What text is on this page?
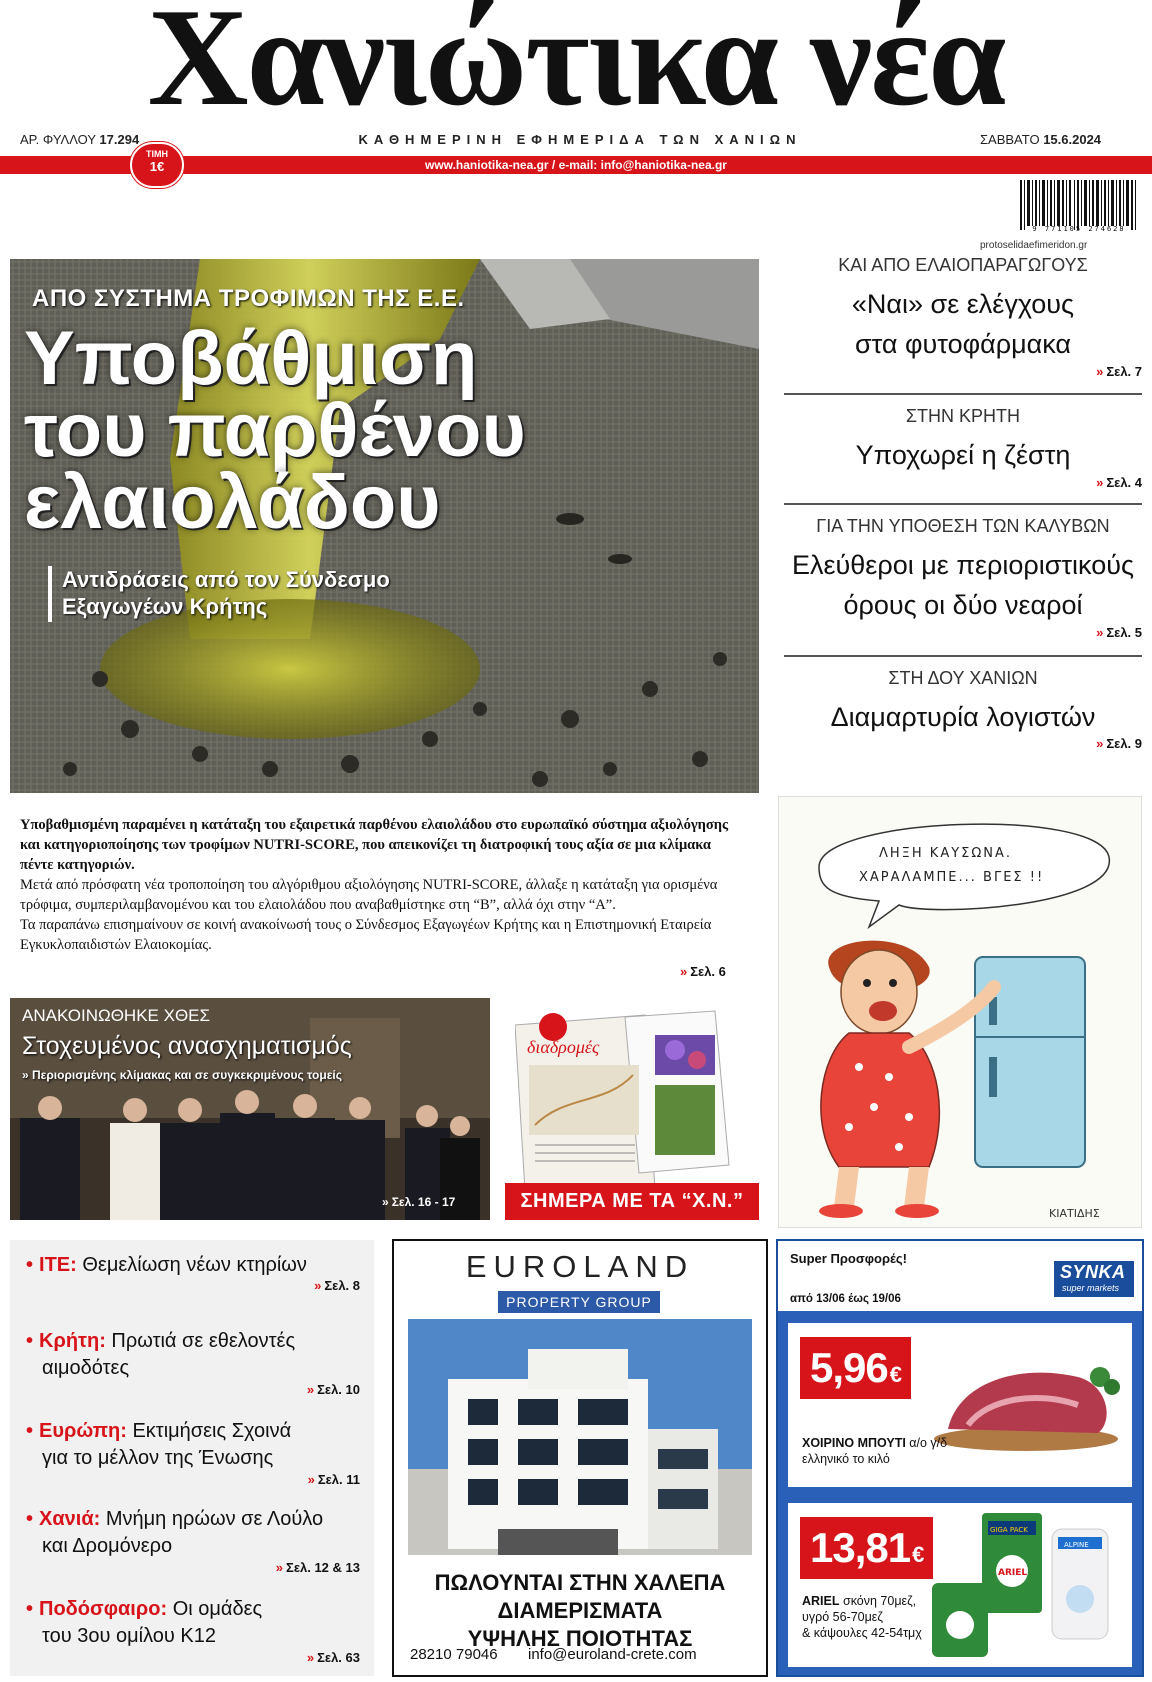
Χανιώτικα νέα
ΑΡ. ΦΥΛΛΟΥ 17.294	ΚΑΘΗΜΕΡΙΝΗ ΕΦΗΜΕΡΙΔΑ ΤΩΝ ΧΑΝΙΩΝ	ΣΑΒΒΑΤΟ 15.6.2024
www.haniotika-nea.gr / e-mail: info@haniotika-nea.gr
ΤΙΜΗ
1€
9 771105 274628
protoselidaefimeridon.gr
ΑΠΟ ΣΥΣΤΗΜΑ ΤΡΟΦΙΜΩΝ ΤΗΣ Ε.Ε.
Υποβάθμιση
του παρθένου
ελαιολάδου
Αντιδράσεις από τον Σύνδεσμο
Εξαγωγέων Κρήτης

Υποβαθμισμένη παραμένει η κατάταξη του εξαιρετικά παρθένου ελαιολάδου στο ευρωπαϊκό σύστημα αξιολόγησης και κατηγοριοποίησης των τροφίμων NUTRI-SCORE, που απεικονίζει τη διατροφική τους αξία σε μια κλίμακα πέντε κατηγοριών.

Μετά από πρόσφατη νέα τροποποίηση του αλγόριθμου αξιολόγησης NUTRI-SCORE, άλλαξε η κατάταξη για ορισμένα τρόφιμα, συμπεριλαμβανομένου και του ελαιολάδου που αναβαθμίστηκε στη “Β”, αλλά όχι στην “Α”.

Τα παραπάνω επισημαίνουν σε κοινή ανακοίνωσή τους ο Σύνδεσμος Εξαγωγέων Κρήτης και η Επιστημονική Εταιρεία Εγκυκλοπαιδιστών Ελαιοκομίας.

» Σελ. 6
ΚΑΙ ΑΠΟ ΕΛΑΙΟΠΑΡΑΓΩΓΟΥΣ
«Ναι» σε ελέγχους
στα φυτοφάρμακα
» Σελ. 7
ΣΤΗΝ ΚΡΗΤΗ
Υποχωρεί η ζέστη
» Σελ. 4
ΓΙΑ ΤΗΝ ΥΠΟΘΕΣΗ ΤΩΝ ΚΑΛΥΒΩΝ
Ελεύθεροι με περιοριστικούς
όρους οι δύο νεαροί
» Σελ. 5
ΣΤΗ ΔΟΥ ΧΑΝΙΩΝ
Διαμαρτυρία λογιστών
» Σελ. 9
ΛΗΞΗ ΚΑΥΣΩΝΑ.
ΧΑΡΑΛΑΜΠΕ... ΒΓΕΣ !!
ΚΙΑΤΙΔΗΣ
ΑΝΑΚΟΙΝΩΘΗΚΕ ΧΘΕΣ
Στοχευμένος ανασχηματισμός
» Περιορισμένης κλίμακας και σε συγκεκριμένους τομείς
» Σελ. 16 - 17
διαδρομές
ΣΗΜΕΡΑ ΜΕ ΤΑ “Χ.Ν.”
• ΙΤΕ: Θεμελίωση νέων κτηρίων
» Σελ. 8
• Κρήτη: Πρωτιά σε εθελοντές
αιμοδότες
» Σελ. 10
• Ευρώπη: Εκτιμήσεις Σχοινά
για το μέλλον της Ένωσης
» Σελ. 11
• Χανιά: Μνήμη ηρώων σε Λούλο
και Δρομόνερο
» Σελ. 12 & 13
• Ποδόσφαιρο: Οι ομάδες
του 3ου ομίλου Κ12
» Σελ. 63
EUROLAND
PROPERTY GROUP
ΠΩΛΟΥΝΤΑΙ ΣΤΗΝ ΧΑΛΕΠΑ
ΔΙΑΜΕΡΙΣΜΑΤΑ
ΥΨΗΛΗΣ ΠΟΙΟΤΗΤΑΣ
28210 79046 info@euroland-crete.com
Super Προσφορές!
από 13/06 έως 19/06
SYNKA
super markets
5,96€
ΧΟΙΡΙΝΟ ΜΠΟΥΤΙ α/ο γ/δ
ελληνικό το κιλό
13,81€
GIGA PACK
ARIEL
ALPINE
ARIEL σκόνη 70μεζ,
υγρό 56-70μεζ
& κάψουλες 42-54τμχ
